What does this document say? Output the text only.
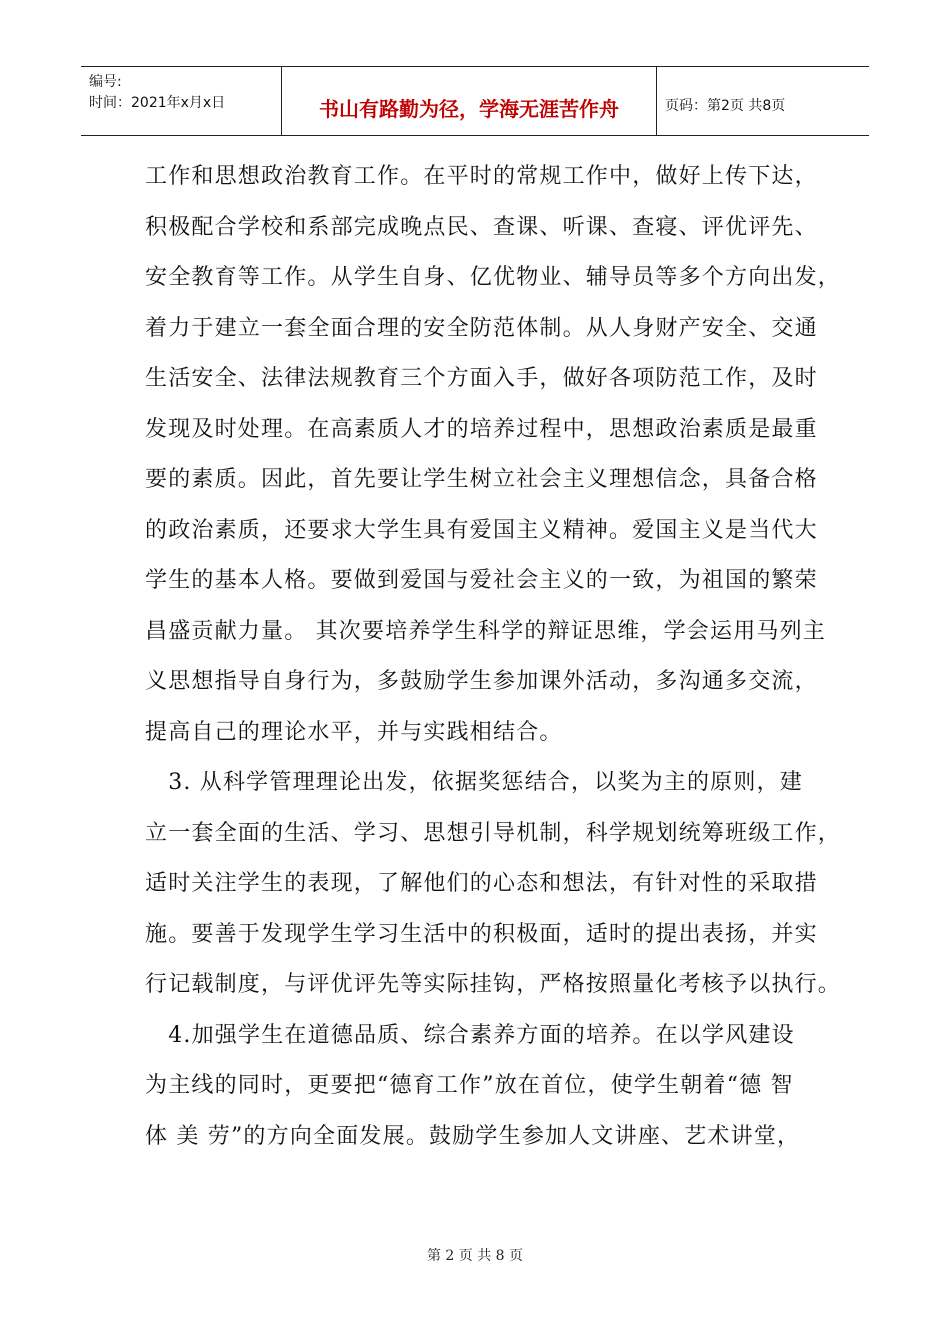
编号:
时间：2021年x月x日	书山有路勤为径，学海无涯苦作舟	页码：第2页 共8页
工作和思想政治教育工作。在平时的常规工作中，做好上传下达，
积极配合学校和系部完成晚点民、查课、听课、查寝、评优评先、
安全教育等工作。从学生自身、亿优物业、辅导员等多个方向出发，
着力于建立一套全面合理的安全防范体制。从人身财产安全、交通
生活安全、法律法规教育三个方面入手，做好各项防范工作，及时
发现及时处理。在高素质人才的培养过程中，思想政治素质是最重
要的素质。因此，首先要让学生树立社会主义理想信念，具备合格
的政治素质，还要求大学生具有爱国主义精神。爱国主义是当代大
学生的基本人格。要做到爱国与爱社会主义的一致，为祖国的繁荣
昌盛贡献力量。 其次要培养学生科学的辩证思维，学会运用马列主
义思想指导自身行为，多鼓励学生参加课外活动，多沟通多交流，
提高自己的理论水平，并与实践相结合。
　3. 从科学管理理论出发，依据奖惩结合，以奖为主的原则，建
立一套全面的生活、学习、思想引导机制，科学规划统筹班级工作，
适时关注学生的表现，了解他们的心态和想法，有针对性的采取措
施。要善于发现学生学习生活中的积极面，适时的提出表扬，并实
行记载制度，与评优评先等实际挂钩，严格按照量化考核予以执行。
　4.加强学生在道德品质、综合素养方面的培养。在以学风建设
为主线的同时，更要把“德育工作”放在首位，使学生朝着“德 智
体 美 劳”的方向全面发展。鼓励学生参加人文讲座、艺术讲堂，
第 2 页 共 8 页
